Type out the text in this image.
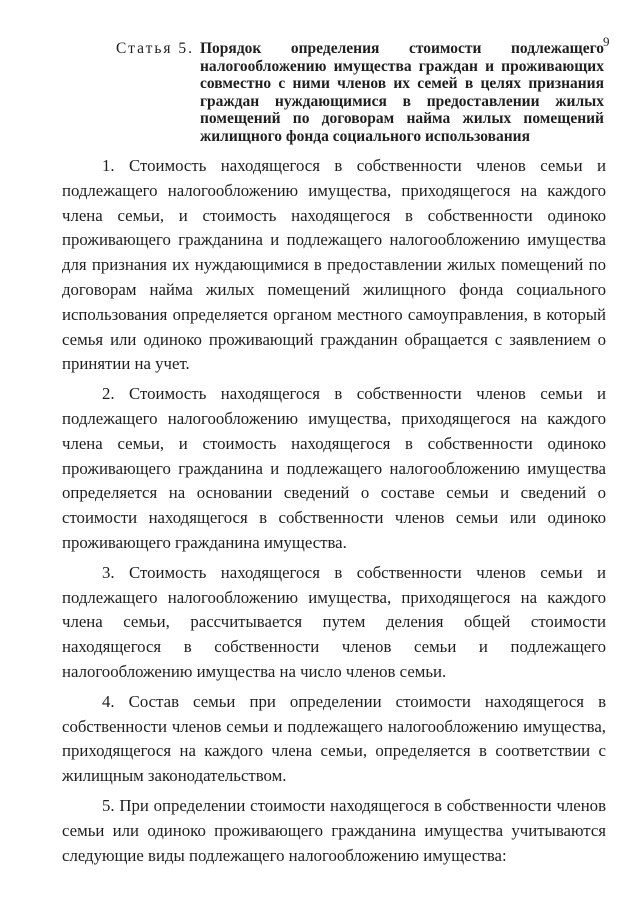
9
Статья 5. Порядок определения стоимости подлежащего налогообложению имущества граждан и проживающих совместно с ними членов их семей в целях признания граждан нуждающимися в предоставлении жилых помещений по договорам найма жилых помещений
жилищного фонда социального использования

1. Стоимость находящегося в собственности членов семьи и подлежащего налогообложению имущества, приходящегося на каждого члена семьи, и стоимость находящегося в собственности одиноко проживающего гражданина и подлежащего налогообложению имущества для признания их нуждающимися в предоставлении жилых помещений по договорам найма жилых помещений жилищного фонда социального использования определяется органом местного самоуправления, в который семья или одиноко проживающий гражданин обращается с заявлением о принятии на учет.

2. Стоимость находящегося в собственности членов семьи и подлежащего налогообложению имущества, приходящегося на каждого члена семьи, и стоимость находящегося в собственности одиноко проживающего гражданина и подлежащего налогообложению имущества определяется на основании сведений о составе семьи и сведений о стоимости находящегося в собственности членов семьи или одиноко проживающего гражданина имущества.

3. Стоимость находящегося в собственности членов семьи и подлежащего налогообложению имущества, приходящегося на каждого члена семьи, рассчитывается путем деления общей стоимости находящегося в собственности членов семьи и подлежащего налогообложению имущества на число членов семьи.

4. Состав семьи при определении стоимости находящегося в собственности членов семьи и подлежащего налогообложению имущества, приходящегося на каждого члена семьи, определяется в соответствии с жилищным законодательством.

5. При определении стоимости находящегося в собственности членов семьи или одиноко проживающего гражданина имущества учитываются следующие виды подлежащего налогообложению имущества:
